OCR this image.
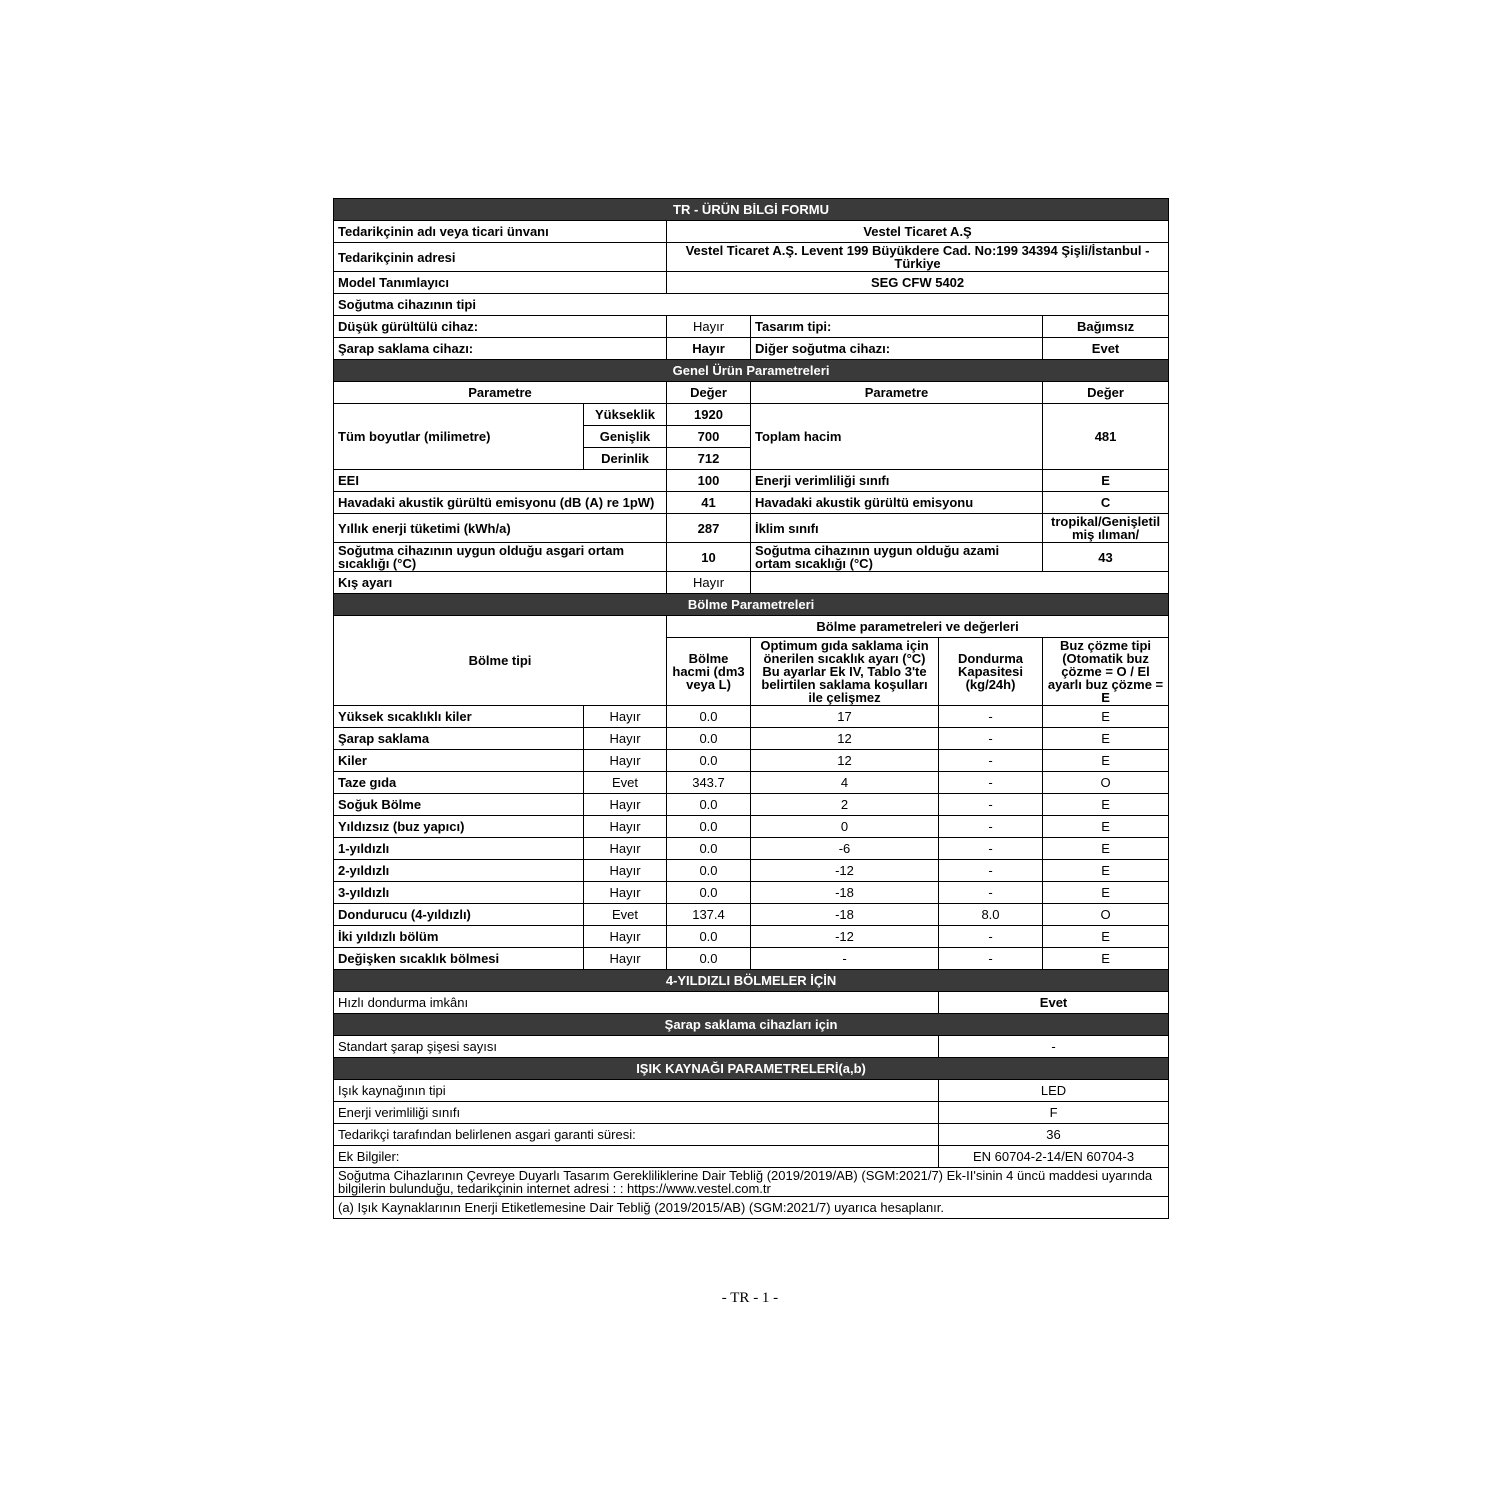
TR - ÜRÜN BİLGİ FORMU					
Tedarikçinin adı veya ticari ünvanı		Vestel Ticaret A.Ş			
Tedarikçinin adresi		Vestel Ticaret A.Ş. Levent 199 Büyükdere Cad. No:199 34394 Şişli/İstanbul - Türkiye			
Model Tanımlayıcı		SEG CFW 5402			
Soğutma cihazının tipi					
Düşük gürültülü cihaz:		Hayır	Tasarım tipi:		Bağımsız
Şarap saklama cihazı:		Hayır	Diğer soğutma cihazı:		Evet
Genel Ürün Parametreleri					
Parametre		Değer	Parametre		Değer
Tüm boyutlar (milimetre)	Yükseklik	1920	Toplam hacim		481
	Genişlik	700			
	Derinlik	712			
EEI		100	Enerji verimliliği sınıfı		E
Havadaki akustik gürültü emisyonu (dB (A) re 1pW)		41	Havadaki akustik gürültü emisyonu		C
Yıllık enerji tüketimi (kWh/a)		287	İklim sınıfı		tropikal/Genişletilmiş ılıman/
Soğutma cihazının uygun olduğu asgari ortam sıcaklığı (°C)		10	Soğutma cihazının uygun olduğu azami ortam sıcaklığı (°C)		43
Kış ayarı		Hayır			
Bölme Parametreleri					
Bölme tipi		Bölme parametreleri ve değerleri			
		Bölme hacmi (dm3 veya L)	Optimum gıda saklama için önerilen sıcaklık ayarı (°C) Bu ayarlar Ek IV, Tablo 3'te belirtilen saklama koşulları ile çelişmez	Dondurma Kapasitesi (kg/24h)	Buz çözme tipi (Otomatik buz çözme = O / El ayarlı buz çözme = E
Yüksek sıcaklıklı kiler	Hayır	0.0	17	-	E
Şarap saklama	Hayır	0.0	12	-	E
Kiler	Hayır	0.0	12	-	E
Taze gıda	Evet	343.7	4	-	O
Soğuk Bölme	Hayır	0.0	2	-	E
Yıldızsız (buz yapıcı)	Hayır	0.0	0	-	E
1-yıldızlı	Hayır	0.0	-6	-	E
2-yıldızlı	Hayır	0.0	-12	-	E
3-yıldızlı	Hayır	0.0	-18	-	E
Dondurucu (4-yıldızlı)	Evet	137.4	-18	8.0	O
İki yıldızlı bölüm	Hayır	0.0	-12	-	E
Değişken sıcaklık bölmesi	Hayır	0.0	-	-	E
4-YILDIZLI BÖLMELER İÇİN					
Hızlı dondurma imkânı				Evet	
Şarap saklama cihazları için					
Standart şarap şişesi sayısı				-	
IŞIK KAYNAĞI PARAMETRELERİ(a,b)					
Işık kaynağının tipi				LED	
Enerji verimliliği sınıfı				F	
Tedarikçi tarafından belirlenen asgari garanti süresi:				36	
Ek Bilgiler:				EN 60704-2-14/EN 60704-3	
Soğutma Cihazlarının Çevreye Duyarlı Tasarım Gerekliliklerine Dair Tebliğ (2019/2019/AB) (SGM:2021/7) Ek-II'sinin 4 üncü maddesi uyarında bilgilerin bulunduğu, tedarikçinin internet adresi : : https://www.vestel.com.tr					
(a) Işık Kaynaklarının Enerji Etiketlemesine Dair Tebliğ (2019/2015/AB) (SGM:2021/7) uyarıca hesaplanır.					
- TR - 1 -
